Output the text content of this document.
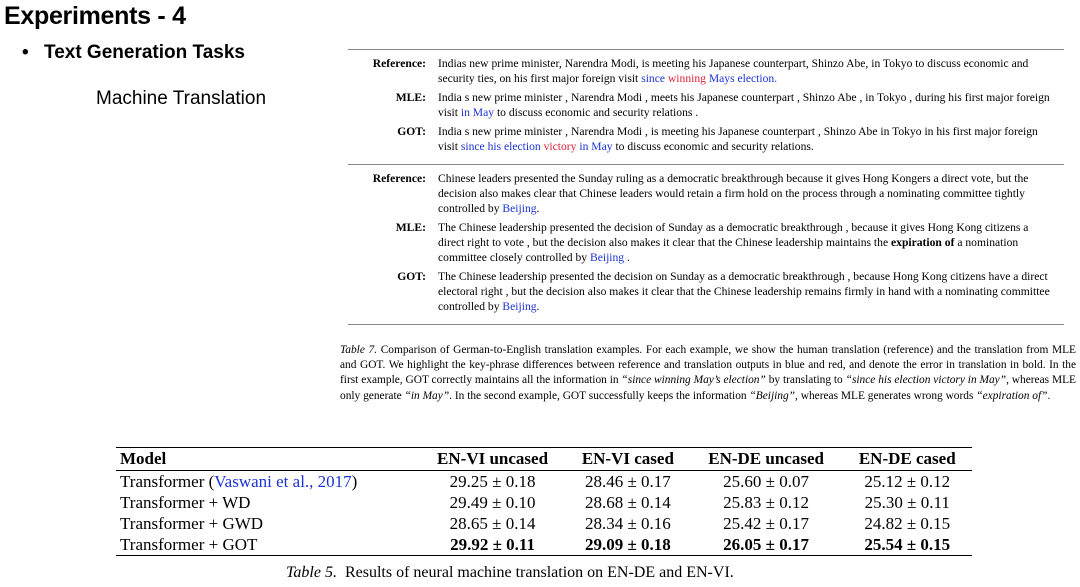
Experiments - 4
• Text Generation Tasks
Machine Translation
Reference:	Indias new prime minister, Narendra Modi, is meeting his Japanese counterpart, Shinzo Abe, in Tokyo to discuss economic and security ties, on his first major foreign visit since winning Mays election.
MLE:	India s new prime minister , Narendra Modi , meets his Japanese counterpart , Shinzo Abe , in Tokyo , during his first major foreign visit in May to discuss economic and security relations .
GOT:	India s new prime minister , Narendra Modi , is meeting his Japanese counterpart , Shinzo Abe in Tokyo in his first major foreign visit since his election victory in May to discuss economic and security relations.
Reference:	Chinese leaders presented the Sunday ruling as a democratic breakthrough because it gives Hong Kongers a direct vote, but the decision also makes clear that Chinese leaders would retain a firm hold on the process through a nominating committee tightly controlled by Beijing.
MLE:	The Chinese leadership presented the decision of Sunday as a democratic breakthrough , because it gives Hong Kong citizens a direct right to vote , but the decision also makes it clear that the Chinese leadership maintains the expiration of a nomination committee closely controlled by Beijing .
GOT:	The Chinese leadership presented the decision on Sunday as a democratic breakthrough , because Hong Kong citizens have a direct electoral right , but the decision also makes it clear that the Chinese leadership remains firmly in hand with a nominating committee controlled by Beijing.
Table 7. Comparison of German-to-English translation examples. For each example, we show the human translation (reference) and the translation from MLE and GOT. We highlight the key-phrase differences between reference and translation outputs in blue and red, and denote the error in translation in bold. In the first example, GOT correctly maintains all the information in “since winning May’s election” by translating to “since his election victory in May”, whereas MLE only generate “in May”. In the second example, GOT successfully keeps the information “Beijing”, whereas MLE generates wrong words “expiration of”.
Model	EN-VI uncased	EN-VI cased	EN-DE uncased	EN-DE cased
Transformer (Vaswani et al., 2017)	29.25 ± 0.18	28.46 ± 0.17	25.60 ± 0.07	25.12 ± 0.12
Transformer + WD	29.49 ± 0.10	28.68 ± 0.14	25.83 ± 0.12	25.30 ± 0.11
Transformer + GWD	28.65 ± 0.14	28.34 ± 0.16	25.42 ± 0.17	24.82 ± 0.15
Transformer + GOT	29.92 ± 0.11	29.09 ± 0.18	26.05 ± 0.17	25.54 ± 0.15
Table 5.  Results of neural machine translation on EN-DE and EN-VI.
